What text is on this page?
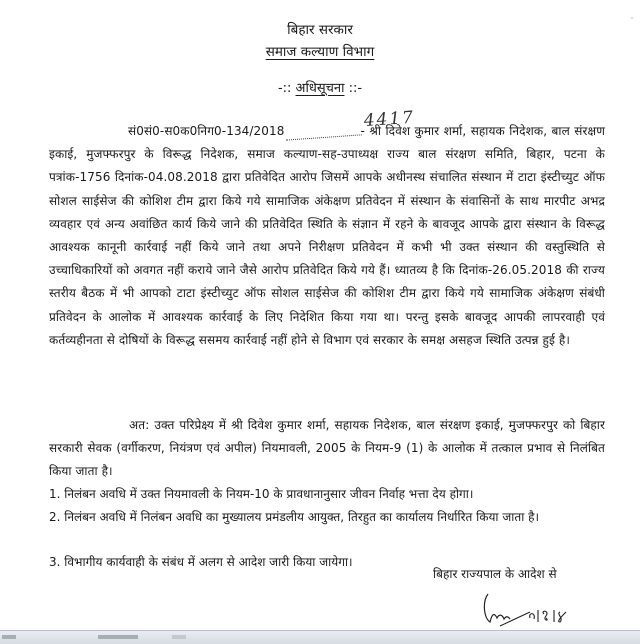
बिहार सरकार
समाज कल्याण विभाग
-:: अधिसूचना ::-
सं0सं0-स0क0निग0-134/2018	4417
- श्री दिवेश कुमार शर्मा, सहायक निदेशक, बाल संरक्षण इकाई, मुजफ्फरपुर के विरूद्ध निदेशक, समाज कल्याण-सह-उपाध्यक्ष राज्य बाल संरक्षण समिति, बिहार, पटना के पत्रांक-1756 दिनांक-04.08.2018 द्वारा प्रतिवेदित आरोप जिसमें आपके अधीनस्थ संचालित संस्थान में टाटा इंस्टीच्युट ऑफ सोशल साईसेज की कोशिश टीम द्वारा किये गये सामाजिक अंकेक्षण प्रतिवेदन में संस्थान के संवासिनों के साथ मारपीट अभद्र व्यवहार एवं अन्य अवांछित कार्य किये जाने की प्रतिवेदित स्थिति के संज्ञान में रहने के बावजूद आपके द्वारा संस्थान के विरूद्ध आवश्यक कानूनी कार्रवाई नहीं किये जाने तथा अपने निरीक्षण प्रतिवेदन में कभी भी उक्त संस्थान की वस्तुस्थिति से उच्चाधिकारियों को अवगत नहीं कराये जाने जैसे आरोप प्रतिवेदित किये गये हैं। ध्यातव्य है कि दिनांक-26.05.2018 की राज्य स्तरीय बैठक में भी आपको टाटा इंस्टीच्युट ऑफ सोशल साईसेज की कोशिश टीम द्वारा किये गये सामाजिक अंकेक्षण संबंधी प्रतिवेदन के आलोक में आवश्यक कार्रवाई के लिए निदेशित किया गया था। परन्तु इसके बावजूद आपकी लापरवाही एवं कर्तव्यहीनता से दोषियों के विरूद्ध ससमय कार्रवाई नहीं होने से विभाग एवं सरकार के समक्ष असहज स्थिति उत्पन्न हुई है।
अत: उक्त परिप्रेक्ष्य में श्री दिवेश कुमार शर्मा, सहायक निदेशक, बाल संरक्षण इकाई, मुजफ्फरपुर को बिहार सरकारी सेवक (वर्गीकरण, नियंत्रण एवं अपील) नियमावली, 2005 के नियम-9 (1) के आलोक में तत्काल प्रभाव से निलंबित किया जाता है।
1. निलंबन अवधि में उक्त नियमावली के नियम-10 के प्रावधानानुसार जीवन निर्वाह भत्ता देय होगा।
2. निलंबन अवधि में निलंबन अवधि का मुख्यालय प्रमंडलीय आयुक्त, तिरहुत का कार्यालय निर्धारित किया जाता है।
3. विभागीय कार्यवाही के संबंध में अलग से आदेश जारी किया जायेगा।
बिहार राज्यपाल के आदेश से
